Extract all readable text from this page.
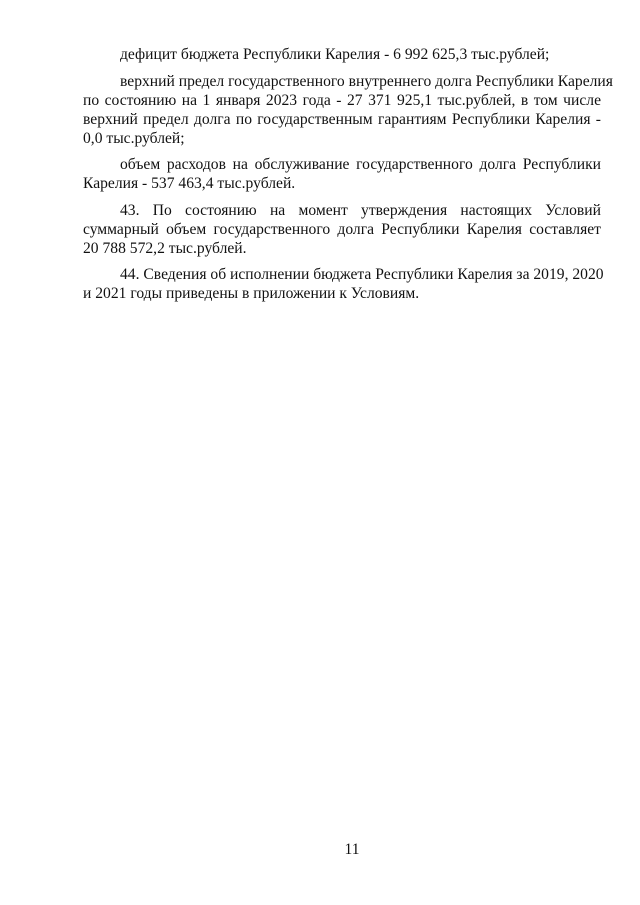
дефицит бюджета Республики Карелия - 6 992 625,3 тыс.рублей;

верхний предел государственного внутреннего долга Республики Карелия
по состоянию на 1 января 2023 года - 27 371 925,1 тыс.рублей, в том числе
верхний предел долга по государственным гарантиям Республики Карелия -
0,0 тыс.рублей;

объем расходов на обслуживание государственного долга Республики
Карелия - 537 463,4 тыс.рублей.

43. По состоянию на момент утверждения настоящих Условий
суммарный объем государственного долга Республики Карелия составляет
20 788 572,2 тыс.рублей.

44. Сведения об исполнении бюджета Республики Карелия за 2019, 2020
и 2021 годы приведены в приложении к Условиям.

11
